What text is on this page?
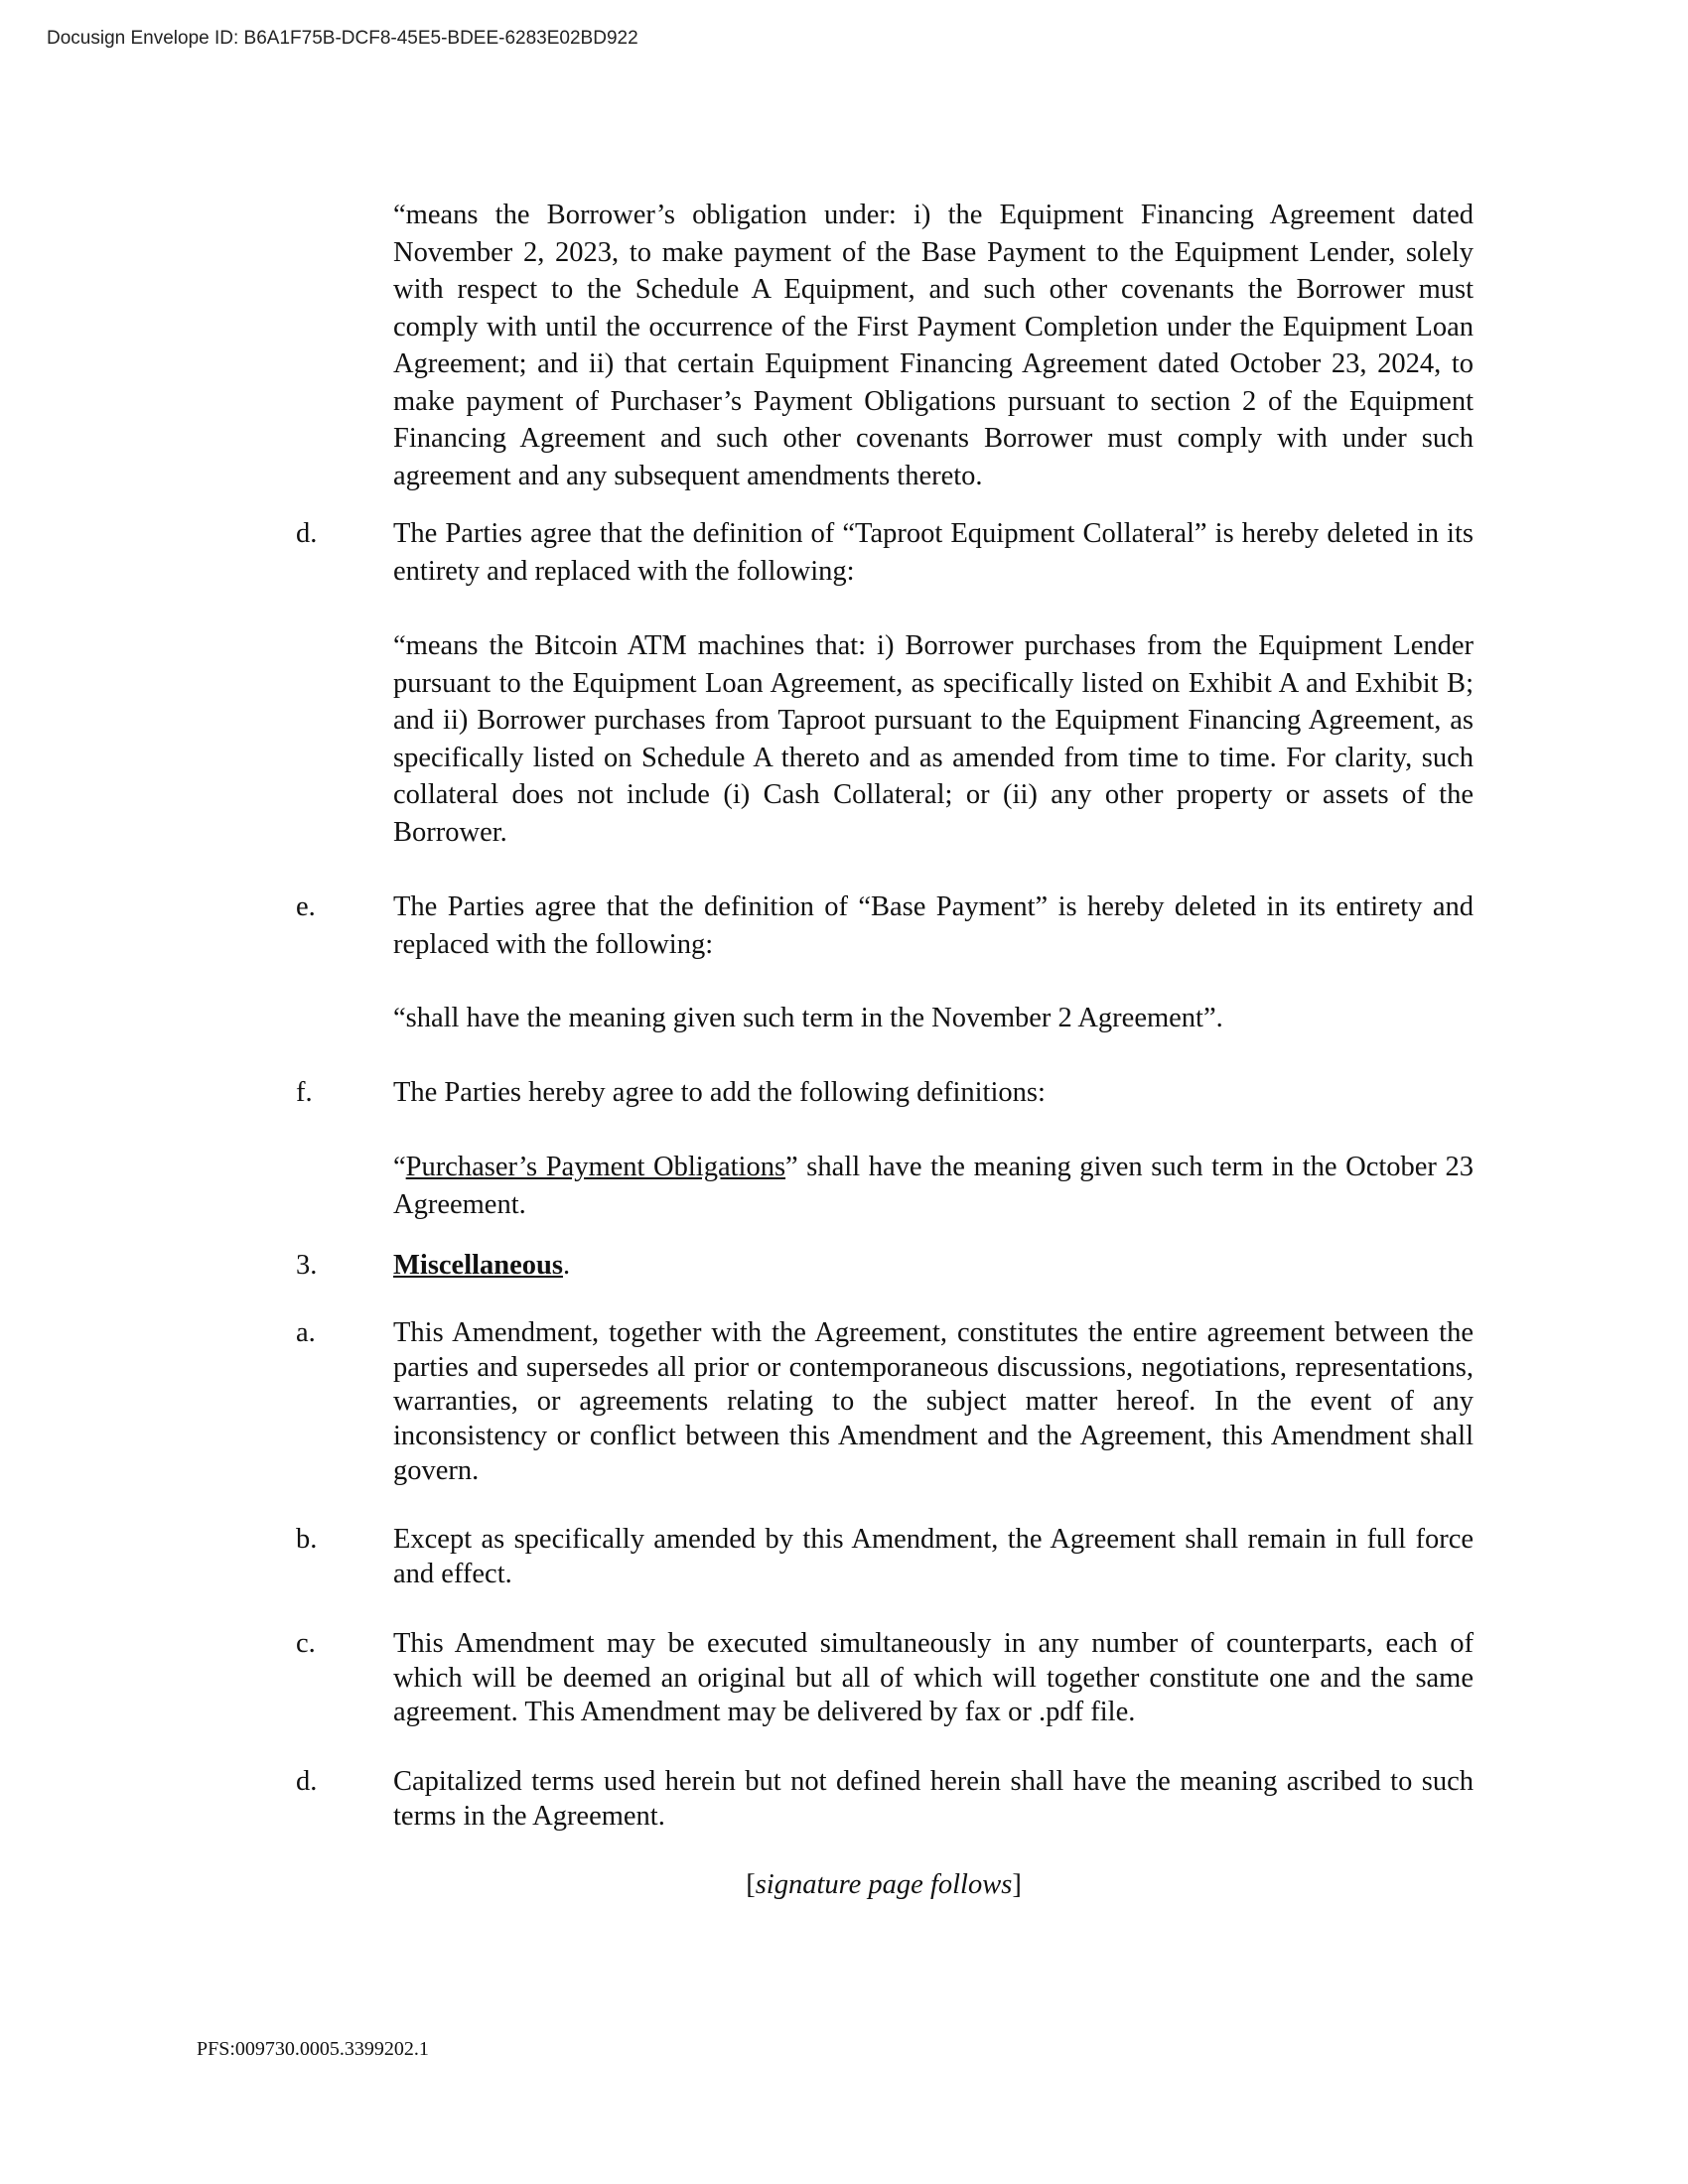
Docusign Envelope ID: B6A1F75B-DCF8-45E5-BDEE-6283E02BD922
“means the Borrower’s obligation under: i) the Equipment Financing Agreement dated November 2, 2023, to make payment of the Base Payment to the Equipment Lender, solely with respect to the Schedule A Equipment, and such other covenants the Borrower must comply with until the occurrence of the First Payment Completion under the Equipment Loan Agreement; and ii) that certain Equipment Financing Agreement dated October 23, 2024, to make payment of Purchaser’s Payment Obligations pursuant to section 2 of the Equipment Financing Agreement and such other covenants Borrower must comply with under such agreement and any subsequent amendments thereto.
d.	The Parties agree that the definition of “Taproot Equipment Collateral” is hereby deleted in its entirety and replaced with the following:
“means the Bitcoin ATM machines that: i) Borrower purchases from the Equipment Lender pursuant to the Equipment Loan Agreement, as specifically listed on Exhibit A and Exhibit B; and ii) Borrower purchases from Taproot pursuant to the Equipment Financing Agreement, as specifically listed on Schedule A thereto and as amended from time to time. For clarity, such collateral does not include (i) Cash Collateral; or (ii) any other property or assets of the Borrower.
e.	The Parties agree that the definition of “Base Payment” is hereby deleted in its entirety and replaced with the following:
“shall have the meaning given such term in the November 2 Agreement”.
f.	The Parties hereby agree to add the following definitions:
“Purchaser’s Payment Obligations” shall have the meaning given such term in the October 23 Agreement.
3.	Miscellaneous.
a.	This Amendment, together with the Agreement, constitutes the entire agreement between the parties and supersedes all prior or contemporaneous discussions, negotiations, representations, warranties, or agreements relating to the subject matter hereof. In the event of any inconsistency or conflict between this Amendment and the Agreement, this Amendment shall govern.
b.	Except as specifically amended by this Amendment, the Agreement shall remain in full force and effect.
c.	This Amendment may be executed simultaneously in any number of counterparts, each of which will be deemed an original but all of which will together constitute one and the same agreement. This Amendment may be delivered by fax or .pdf file.
d.	Capitalized terms used herein but not defined herein shall have the meaning ascribed to such terms in the Agreement.
[signature page follows]
PFS:009730.0005.3399202.1
